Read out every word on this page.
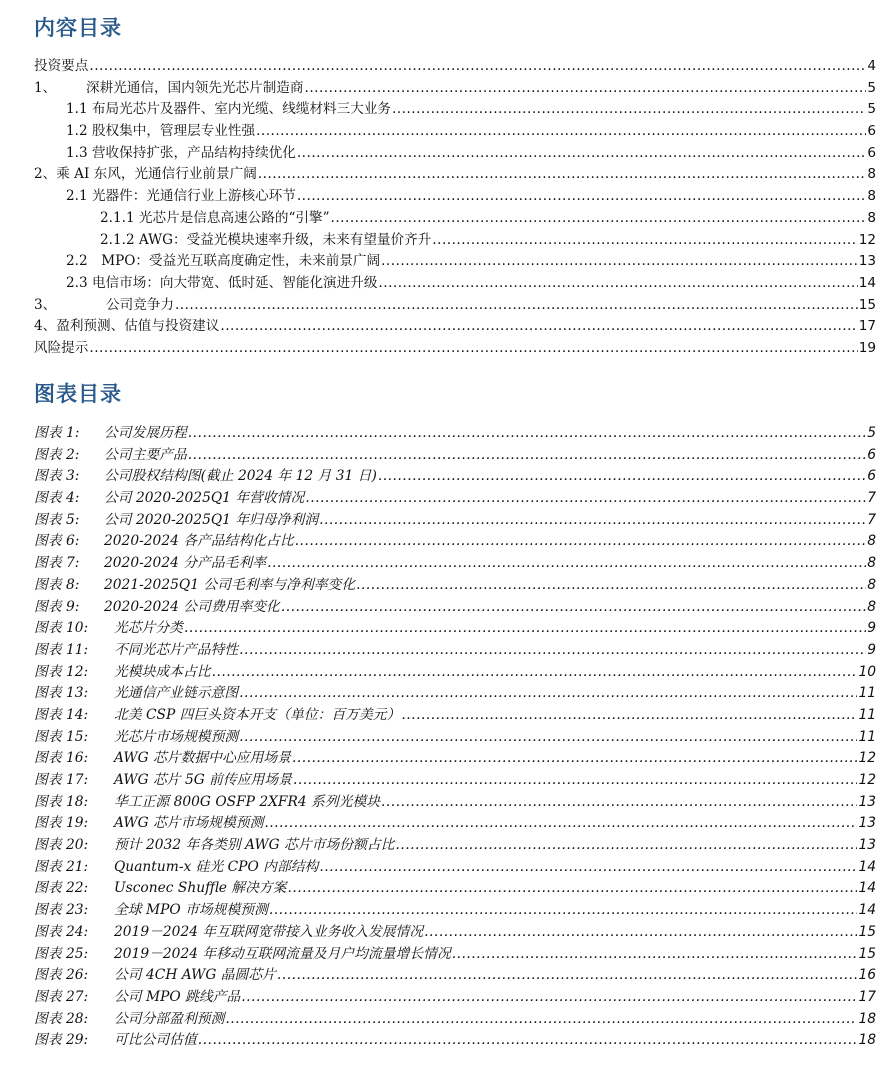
内容目录
投资要点 .....	4
1、	深耕光通信，国内领先光芯片制造商 .....	5
1.1 布局光芯片及器件、室内光缆、线缆材料三大业务 .....	5
1.2 股权集中，管理层专业性强 .....	6
1.3 营收保持扩张，产品结构持续优化 .....	6
2、乘 AI 东风，光通信行业前景广阔 .....	8
2.1 光器件：光通信行业上游核心环节 .....	8
2.1.1 光芯片是信息高速公路的“引擎” .....	8
2.1.2 AWG：受益光模块速率升级，未来有望量价齐升 .....	12
2.2　MPO：受益光互联高度确定性，未来前景广阔 .....	13
2.3 电信市场：向大带宽、低时延、智能化演进升级 .....	14
3、	公司竞争力 .....	15
4、盈利预测、估值与投资建议 .....	17
风险提示 .....	19
图表目录
图表 1:	公司发展历程 .....	5
图表 2:	公司主要产品 .....	6
图表 3:	公司股权结构图(截止 2024 年 12 月 31 日) .....	6
图表 4:	公司 2020-2025Q1 年营收情况 .....	7
图表 5:	公司 2020-2025Q1 年归母净利润 .....	7
图表 6:	2020-2024 各产品结构化占比 .....	8
图表 7:	2020-2024 分产品毛利率 .....	8
图表 8:	2021-2025Q1 公司毛利率与净利率变化 .....	8
图表 9:	2020-2024 公司费用率变化 .....	8
图表 10:	光芯片分类 .....	9
图表 11:	不同光芯片产品特性 .....	9
图表 12:	光模块成本占比 .....	10
图表 13:	光通信产业链示意图 .....	11
图表 14:	北美 CSP 四巨头资本开支（单位：百万美元） .....	11
图表 15:	光芯片市场规模预测 .....	11
图表 16:	AWG 芯片数据中心应用场景 .....	12
图表 17:	AWG 芯片 5G 前传应用场景 .....	12
图表 18:	华工正源 800G OSFP 2XFR4 系列光模块 .....	13
图表 19:	AWG 芯片市场规模预测 .....	13
图表 20:	预计 2032 年各类别 AWG 芯片市场份额占比 .....	13
图表 21:	Quantum-x 硅光 CPO 内部结构 .....	14
图表 22:	Usconec Shuffle 解决方案 .....	14
图表 23:	全球 MPO 市场规模预测 .....	14
图表 24:	2019－2024 年互联网宽带接入业务收入发展情况 .....	15
图表 25:	2019－2024 年移动互联网流量及月户均流量增长情况 .....	15
图表 26:	公司 4CH AWG 晶圆芯片 .....	16
图表 27:	公司 MPO 跳线产品 .....	17
图表 28:	公司分部盈利预测 .....	18
图表 29:	可比公司估值 .....	18
